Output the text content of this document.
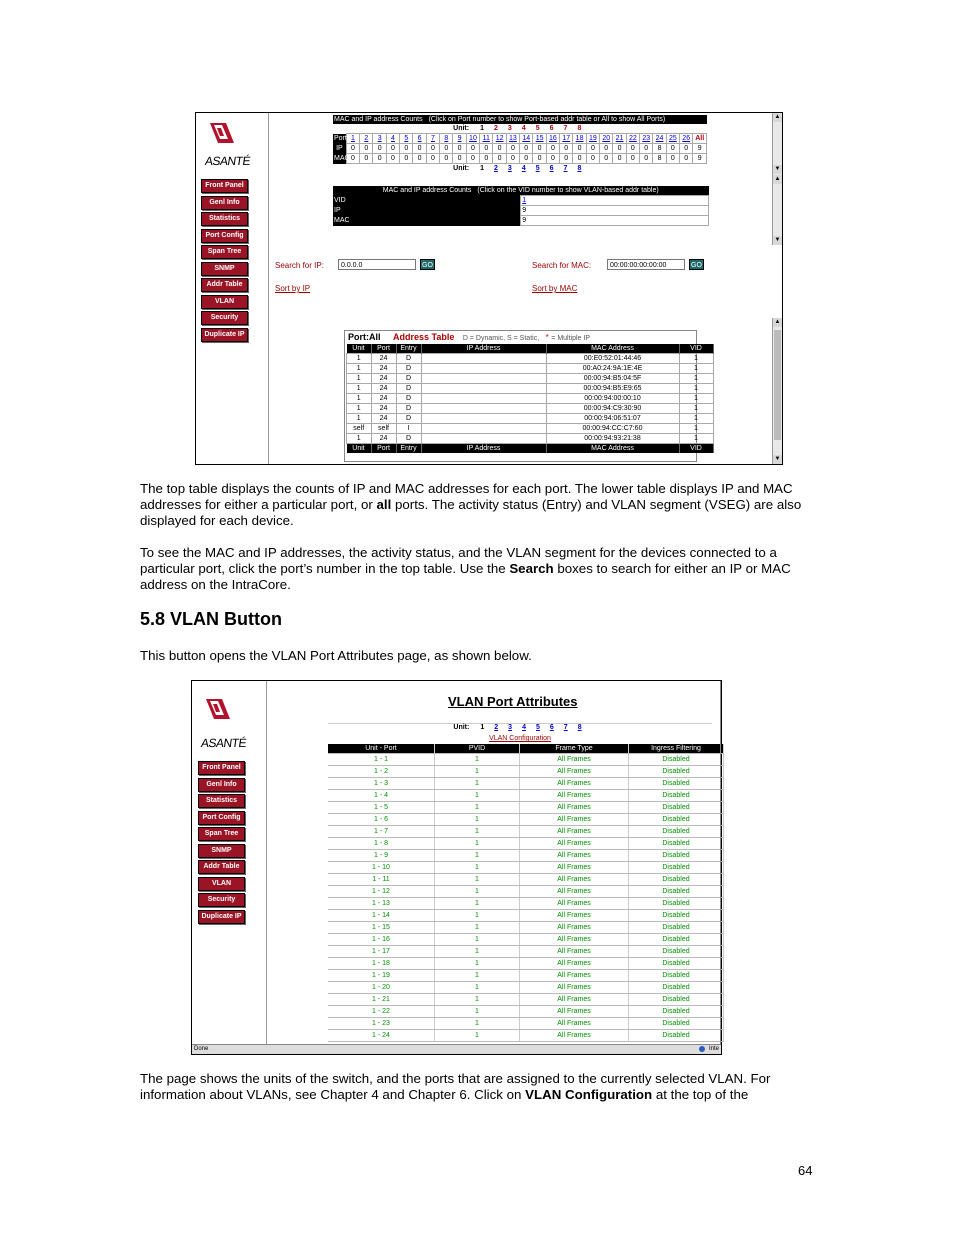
ASANTÉ
Front Panel
Genl Info
Statistics
Port Config
Span Tree
SNMP
Addr Table
VLAN
Security
Duplicate IP
MAC and IP address Counts (Click on Port number to show Port-based addr table or All to show All Ports)																											
Unit: 1 2 3 4 5 6 7 8																											
Port	1	2	3	4	5	6	7	8	9	10	11	12	13	14	15	16	17	18	19	20	21	22	23	24	25	26	All
IP	0	0	0	0	0	0	0	0	0	0	0	0	0	0	0	0	0	0	0	0	0	0	0	8	0	0	9
MAC	0	0	0	0	0	0	0	0	0	0	0	0	0	0	0	0	0	0	0	0	0	0	0	8	0	0	9
Unit: 1 2 3 4 5 6 7 8																											
MAC and IP address Counts (Click on the VID number to show VLAN-based addr table)	
VID	1
IP	9
MAC	9
Search for IP:	0.0.0.0	GO	Search for MAC:	00:00:00:00:00:00	GO
Sort by IP	Sort by MAC
Port:All Address Table D = Dynamic, S = Static, * = Multiple IP
Unit	Port	Entry	IP Address	MAC Address	VID
1	24	D		00:E0:52:01:44:46	1
1	24	D		00:A0:24:9A:1E:4E	1
1	24	D		00:00:94:B5:04:5F	1
1	24	D		00:00:94:B5:E9:65	1
1	24	D		00:00:94:00:00:10	1
1	24	D		00:00:94:C9:30:90	1
1	24	D		00:00:94:06:51:07	1
self	self	I		00:00:94:CC:C7:60	1
1	24	D		00:00:94:93:21:38	1
Unit	Port	Entry	IP Address	MAC Address	VID
▲
▼
▲
▼
▲
▼
The top table displays the counts of IP and MAC addresses for each port. The lower table displays IP and MAC addresses for either a particular port, or all ports. The activity status (Entry) and VLAN segment (VSEG) are also displayed for each device.
To see the MAC and IP addresses, the activity status, and the VLAN segment for the devices connected to a particular port, click the port’s number in the top table. Use the Search boxes to search for either an IP or MAC address on the IntraCore.
5.8 VLAN Button
This button opens the VLAN Port Attributes page, as shown below.
ASANTÉ
Front Panel
Genl Info
Statistics
Port Config
Span Tree
SNMP
Addr Table
VLAN
Security
Duplicate IP
VLAN Port Attributes
Unit: 1 2 3 4 5 6 7 8
VLAN Configuration
Unit - Port	PVID	Frame Type	Ingress Filtering
1 - 1	1	All Frames	Disabled
1 - 2	1	All Frames	Disabled
1 - 3	1	All Frames	Disabled
1 - 4	1	All Frames	Disabled
1 - 5	1	All Frames	Disabled
1 - 6	1	All Frames	Disabled
1 - 7	1	All Frames	Disabled
1 - 8	1	All Frames	Disabled
1 - 9	1	All Frames	Disabled
1 - 10	1	All Frames	Disabled
1 - 11	1	All Frames	Disabled
1 - 12	1	All Frames	Disabled
1 - 13	1	All Frames	Disabled
1 - 14	1	All Frames	Disabled
1 - 15	1	All Frames	Disabled
1 - 16	1	All Frames	Disabled
1 - 17	1	All Frames	Disabled
1 - 18	1	All Frames	Disabled
1 - 19	1	All Frames	Disabled
1 - 20	1	All Frames	Disabled
1 - 21	1	All Frames	Disabled
1 - 22	1	All Frames	Disabled
1 - 23	1	All Frames	Disabled
1 - 24	1	All Frames	Disabled
Done	Inte
The page shows the units of the switch, and the ports that are assigned to the currently selected VLAN. For information about VLANs, see Chapter 4 and Chapter 6. Click on VLAN Configuration at the top of the
64
